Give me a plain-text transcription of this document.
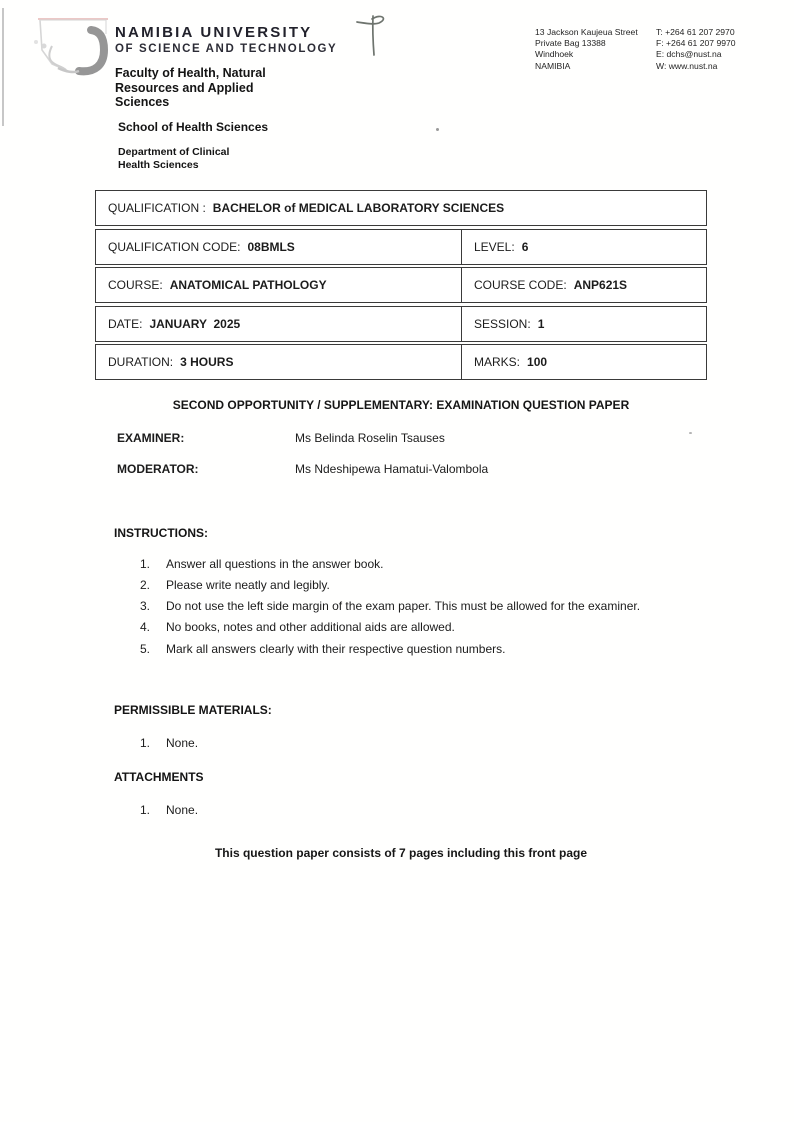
NAMIBIA UNIVERSITY
OF SCIENCE AND TECHNOLOGY
Faculty of Health, Natural Resources and Applied Sciences
School of Health Sciences
Department of Clinical Health Sciences
13 Jackson Kaujeua Street
Private Bag 13388
Windhoek
NAMIBIA
T: +264 61 207 2970
F: +264 61 207 9970
E: dchs@nust.na
W: www.nust.na
QUALIFICATION : BACHELOR of MEDICAL LABORATORY SCIENCES
QUALIFICATION CODE: 08BMLS	LEVEL: 6
COURSE: ANATOMICAL PATHOLOGY	COURSE CODE: ANP621S
DATE: JANUARY  2025	SESSION: 1
DURATION: 3 HOURS	MARKS: 100
SECOND OPPORTUNITY / SUPPLEMENTARY: EXAMINATION QUESTION PAPER
EXAMINER:	Ms Belinda Roselin Tsauses
MODERATOR:	Ms Ndeshipewa Hamatui-Valombola
INSTRUCTIONS:
1.	Answer all questions in the answer book.
2.	Please write neatly and legibly.
3.	Do not use the left side margin of the exam paper. This must be allowed for the examiner.
4.	No books, notes and other additional aids are allowed.
5.	Mark all answers clearly with their respective question numbers.
PERMISSIBLE MATERIALS:
1.	None.
ATTACHMENTS
1.	None.
This question paper consists of 7 pages including this front page
